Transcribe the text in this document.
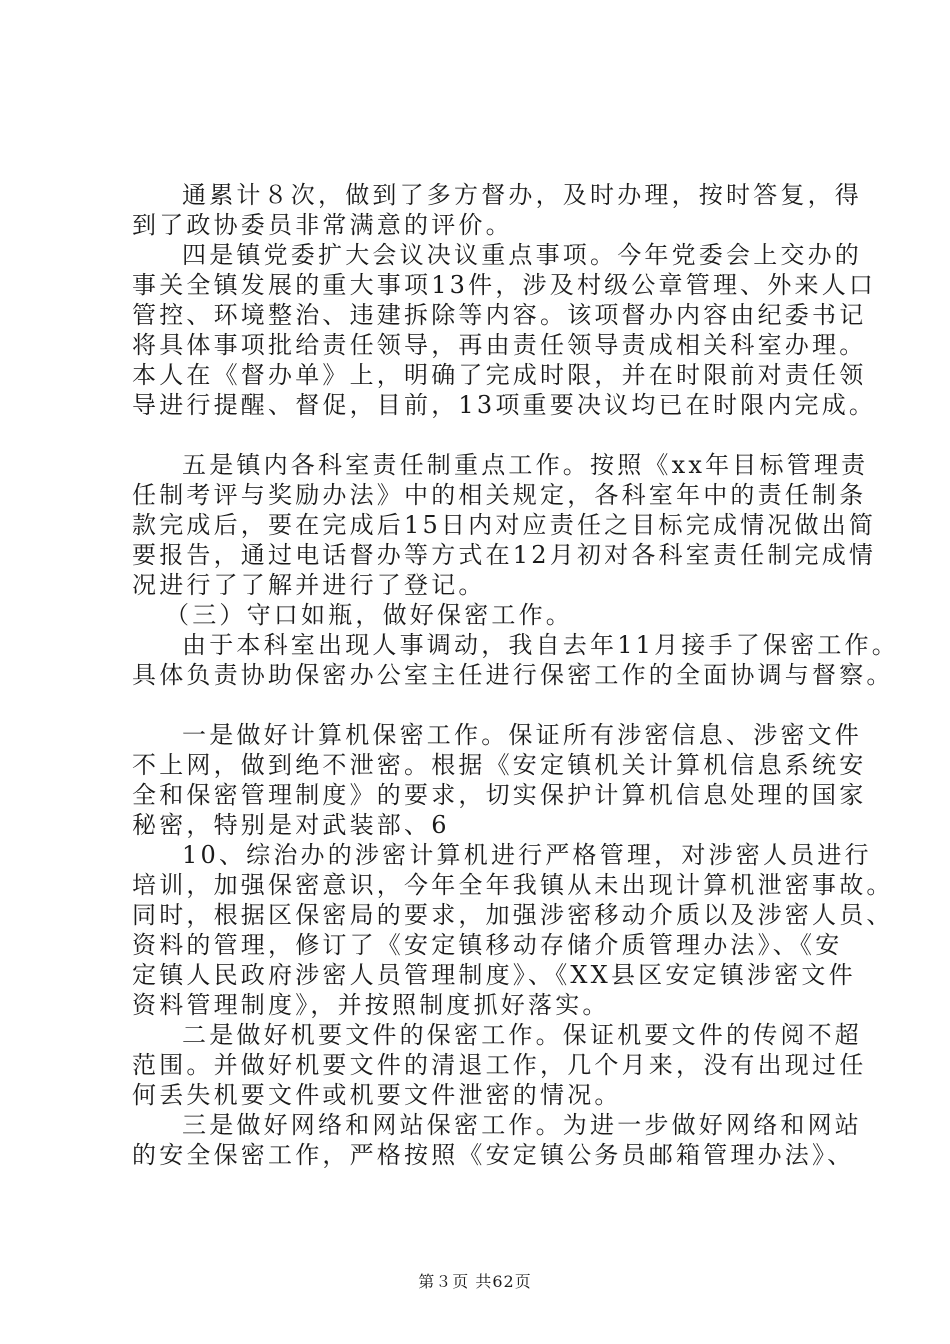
通累计８次，做到了多方督办，及时办理，按时答复，得
到了政协委员非常满意的评价。
四是镇党委扩大会议决议重点事项。今年党委会上交办的
事关全镇发展的重大事项13件，涉及村级公章管理、外来人口
管控、环境整治、违建拆除等内容。该项督办内容由纪委书记
将具体事项批给责任领导，再由责任领导责成相关科室办理。
本人在《督办单》上，明确了完成时限，并在时限前对责任领
导进行提醒、督促，目前，13项重要决议均已在时限内完成。
五是镇内各科室责任制重点工作。按照《xx年目标管理责
任制考评与奖励办法》中的相关规定，各科室年中的责任制条
款完成后，要在完成后15日内对应责任之目标完成情况做出简
要报告，通过电话督办等方式在12月初对各科室责任制完成情
况进行了了解并进行了登记。
（三）守口如瓶，做好保密工作。
由于本科室出现人事调动，我自去年11月接手了保密工作。
具体负责协助保密办公室主任进行保密工作的全面协调与督察。
一是做好计算机保密工作。保证所有涉密信息、涉密文件
不上网，做到绝不泄密。根据《安定镇机关计算机信息系统安
全和保密管理制度》的要求，切实保护计算机信息处理的国家
秘密，特别是对武装部、6
10、综治办的涉密计算机进行严格管理，对涉密人员进行
培训，加强保密意识，今年全年我镇从未出现计算机泄密事故。
同时，根据区保密局的要求，加强涉密移动介质以及涉密人员、
资料的管理，修订了《安定镇移动存储介质管理办法》、《安
定镇人民政府涉密人员管理制度》、《XX县区安定镇涉密文件
资料管理制度》，并按照制度抓好落实。
二是做好机要文件的保密工作。保证机要文件的传阅不超
范围。并做好机要文件的清退工作，几个月来，没有出现过任
何丢失机要文件或机要文件泄密的情况。
三是做好网络和网站保密工作。为进一步做好网络和网站
的安全保密工作，严格按照《安定镇公务员邮箱管理办法》、
第３页 共62页
